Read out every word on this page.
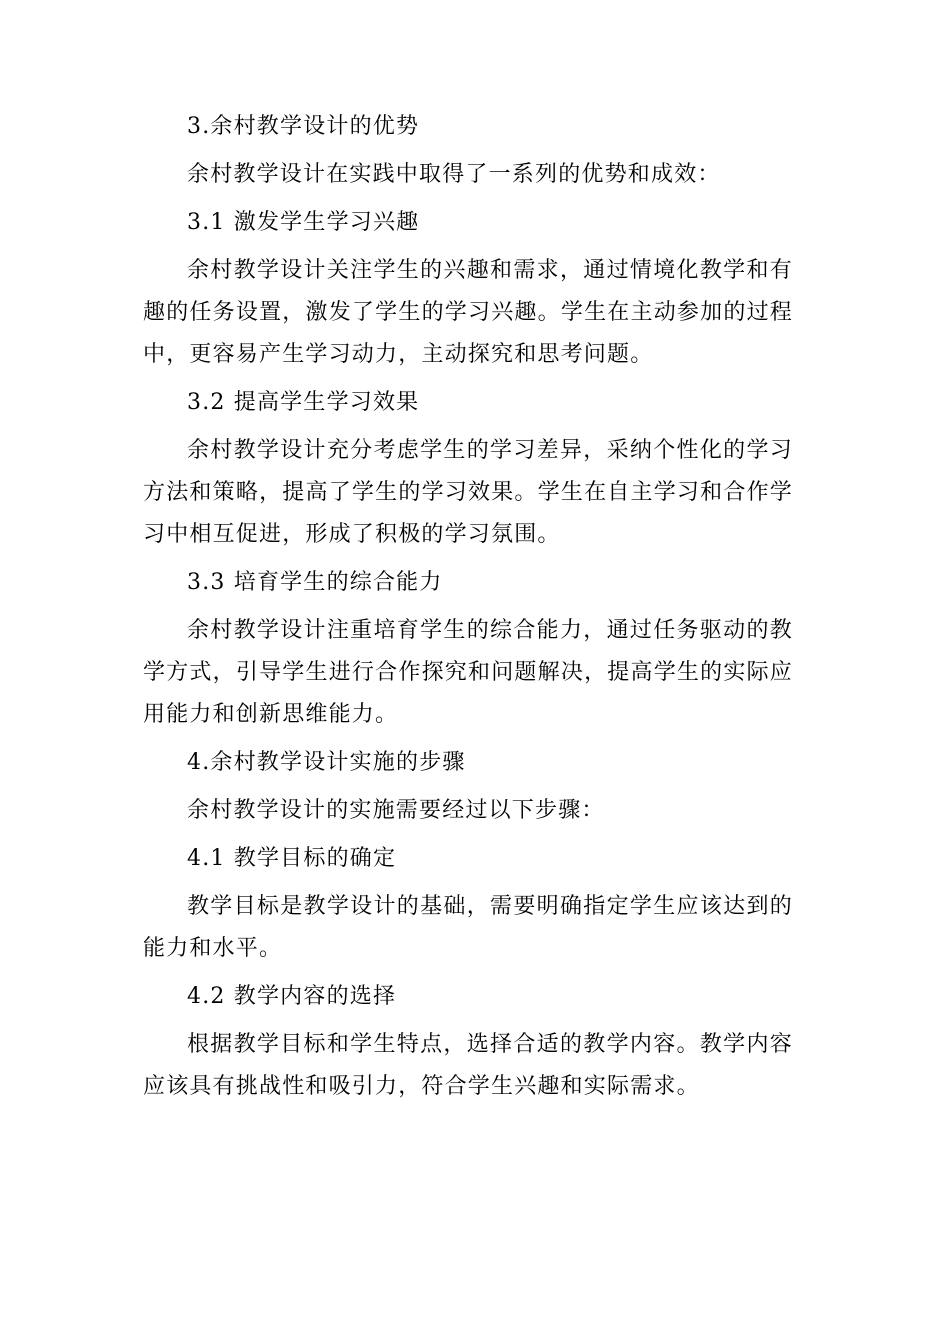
3.余村教学设计的优势

余村教学设计在实践中取得了一系列的优势和成效：

3.1 激发学生学习兴趣

余村教学设计关注学生的兴趣和需求，通过情境化教学和有趣的任务设置，激发了学生的学习兴趣。学生在主动参加的过程中，更容易产生学习动力，主动探究和思考问题。

3.2 提高学生学习效果

余村教学设计充分考虑学生的学习差异，采纳个性化的学习方法和策略，提高了学生的学习效果。学生在自主学习和合作学习中相互促进，形成了积极的学习氛围。

3.3 培育学生的综合能力

余村教学设计注重培育学生的综合能力，通过任务驱动的教学方式，引导学生进行合作探究和问题解决，提高学生的实际应用能力和创新思维能力。

4.余村教学设计实施的步骤

余村教学设计的实施需要经过以下步骤：

4.1 教学目标的确定

教学目标是教学设计的基础，需要明确指定学生应该达到的能力和水平。

4.2 教学内容的选择

根据教学目标和学生特点，选择合适的教学内容。教学内容应该具有挑战性和吸引力，符合学生兴趣和实际需求。
